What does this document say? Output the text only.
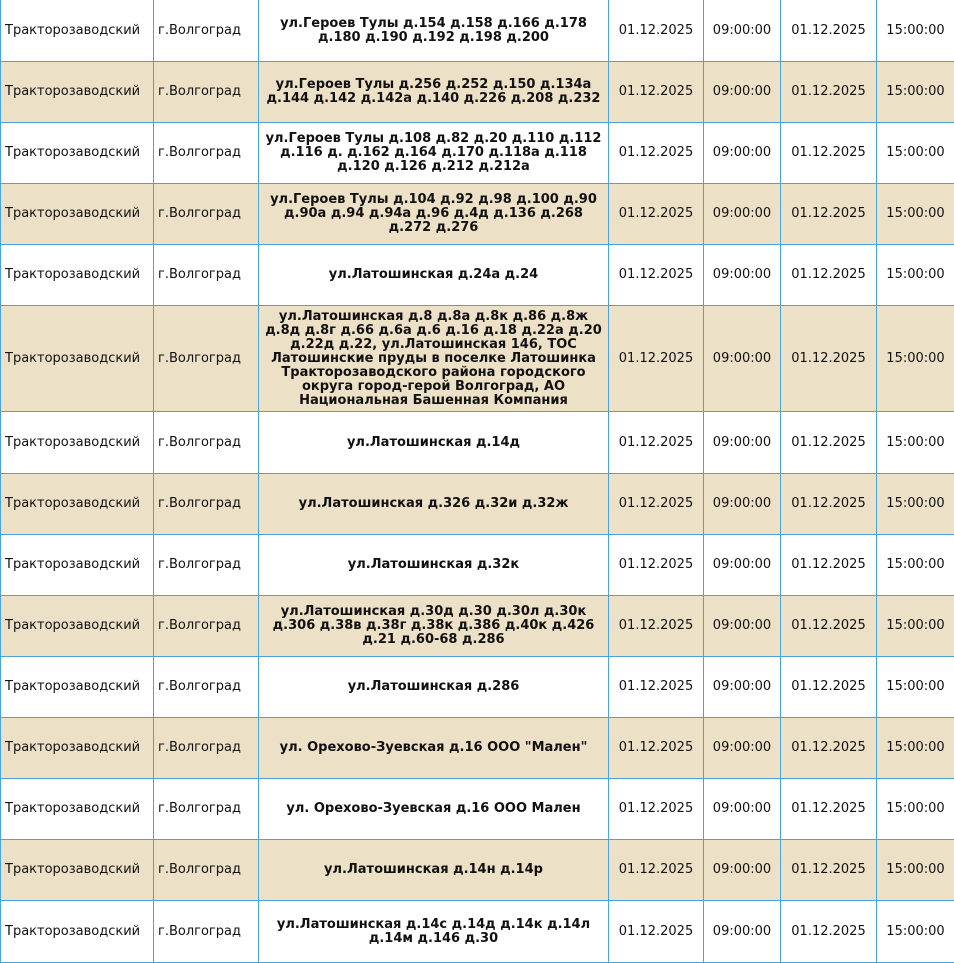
Тракторозаводский	г.Волгоград	ул.Героев Тулы д.154 д.158 д.166 д.178 д.180 д.190 д.192 д.198 д.200	01.12.2025	09:00:00	01.12.2025	15:00:00
Тракторозаводский	г.Волгоград	ул.Героев Тулы д.256 д.252 д.150 д.134а д.144 д.142 д.142а д.140 д.226 д.208 д.232	01.12.2025	09:00:00	01.12.2025	15:00:00
Тракторозаводский	г.Волгоград	ул.Героев Тулы д.108 д.82 д.20 д.110 д.112 д.116 д. д.162 д.164 д.170 д.118а д.118 д.120 д.126 д.212 д.212а	01.12.2025	09:00:00	01.12.2025	15:00:00
Тракторозаводский	г.Волгоград	ул.Героев Тулы д.104 д.92 д.98 д.100 д.90 д.90а д.94 д.94а д.96 д.4д д.136 д.268 д.272 д.276	01.12.2025	09:00:00	01.12.2025	15:00:00
Тракторозаводский	г.Волгоград	ул.Латошинская д.24а д.24	01.12.2025	09:00:00	01.12.2025	15:00:00
Тракторозаводский	г.Волгоград	ул.Латошинская д.8 д.8а д.8к д.86 д.8ж д.8д д.8г д.66 д.6а д.6 д.16 д.18 д.22а д.20 д.22д д.22, ул.Латошинская 146, ТОС Латошинские пруды в поселке Латошинка Тракторозаводского района городского округа город-герой Волгоград, АО Национальная Башенная Компания	01.12.2025	09:00:00	01.12.2025	15:00:00
Тракторозаводский	г.Волгоград	ул.Латошинская д.14д	01.12.2025	09:00:00	01.12.2025	15:00:00
Тракторозаводский	г.Волгоград	ул.Латошинская д.326 д.32и д.32ж	01.12.2025	09:00:00	01.12.2025	15:00:00
Тракторозаводский	г.Волгоград	ул.Латошинская д.32к	01.12.2025	09:00:00	01.12.2025	15:00:00
Тракторозаводский	г.Волгоград	ул.Латошинская д.30д д.30 д.30л д.30к д.306 д.38в д.38г д.38к д.386 д.40к д.426 д.21 д.60-68 д.286	01.12.2025	09:00:00	01.12.2025	15:00:00
Тракторозаводский	г.Волгоград	ул.Латошинская д.286	01.12.2025	09:00:00	01.12.2025	15:00:00
Тракторозаводский	г.Волгоград	ул. Орехово-Зуевская д.16 ООО "Мален"	01.12.2025	09:00:00	01.12.2025	15:00:00
Тракторозаводский	г.Волгоград	ул. Орехово-Зуевская д.16 ООО Мален	01.12.2025	09:00:00	01.12.2025	15:00:00
Тракторозаводский	г.Волгоград	ул.Латошинская д.14н д.14р	01.12.2025	09:00:00	01.12.2025	15:00:00
Тракторозаводский	г.Волгоград	ул.Латошинская д.14с д.14д д.14к д.14л д.14м д.146 д.30	01.12.2025	09:00:00	01.12.2025	15:00:00
